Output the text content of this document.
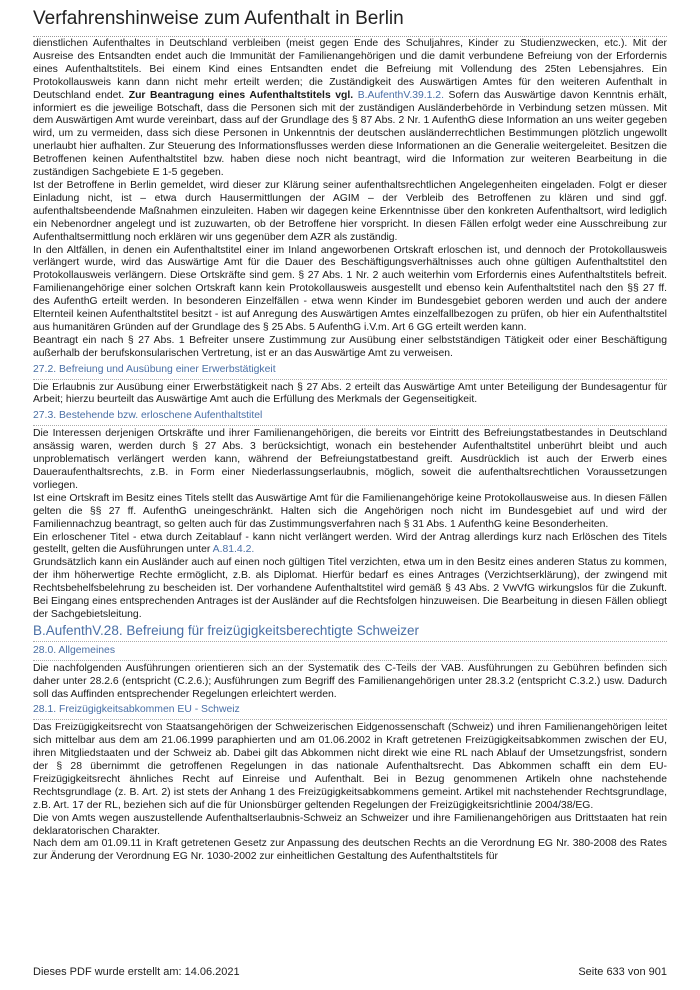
Verfahrenshinweise zum Aufenthalt in Berlin

dienstlichen Aufenthaltes in Deutschland verbleiben (meist gegen Ende des Schuljahres, Kinder zu Studienzwecken, etc.). Mit der Ausreise des Entsandten endet auch die Immunität der Familienangehörigen und die damit verbundene Befreiung von der Erfordernis eines Aufenthaltstitels. Bei einem Kind eines Entsandten endet die Befreiung mit Vollendung des 25ten Lebensjahres. Ein Protokollausweis kann dann nicht mehr erteilt werden; die Zuständigkeit des Auswärtigen Amtes für den weiteren Aufenthalt in Deutschland endet. Zur Beantragung eines Aufenthaltstitels vgl. B.AufenthV.39.1.2. Sofern das Auswärtige davon Kenntnis erhält, informiert es die jeweilige Botschaft, dass die Personen sich mit der zuständigen Ausländerbehörde in Verbindung setzen müssen. Mit dem Auswärtigen Amt wurde vereinbart, dass auf der Grundlage des § 87 Abs. 2 Nr. 1 AufenthG diese Information an uns weiter gegeben wird, um zu vermeiden, dass sich diese Personen in Unkenntnis der deutschen ausländerrechtlichen Bestimmungen plötzlich ungewollt unerlaubt hier aufhalten. Zur Steuerung des Informationsflusses werden diese Informationen an die Generalie weitergeleitet. Besitzen die Betroffenen keinen Aufenthaltstitel bzw. haben diese noch nicht beantragt, wird die Information zur weiteren Bearbeitung in die zuständigen Sachgebiete E 1-5 gegeben.

Ist der Betroffene in Berlin gemeldet, wird dieser zur Klärung seiner aufenthaltsrechtlichen Angelegenheiten eingeladen. Folgt er dieser Einladung nicht, ist – etwa durch Hausermittlungen der AGIM – der Verbleib des Betroffenen zu klären und sind ggf. aufenthaltsbeendende Maßnahmen einzuleiten. Haben wir dagegen keine Erkenntnisse über den konkreten Aufenthaltsort, wird lediglich ein Nebenordner angelegt und ist zuzuwarten, ob der Betroffene hier vorspricht. In diesen Fällen erfolgt weder eine Ausschreibung zur Aufenthaltsermittlung noch erklären wir uns gegenüber dem AZR als zuständig.

In den Altfällen, in denen ein Aufenthaltstitel einer im Inland angeworbenen Ortskraft erloschen ist, und dennoch der Protokollausweis verlängert wurde, wird das Auswärtige Amt für die Dauer des Beschäftigungsverhältnisses auch ohne gültigen Aufenthaltstitel den Protokollausweis verlängern. Diese Ortskräfte sind gem. § 27 Abs. 1 Nr. 2 auch weiterhin vom Erfordernis eines Aufenthaltstitels befreit. Familienangehörige einer solchen Ortskraft kann kein Protokollausweis ausgestellt und ebenso kein Aufenthaltstitel nach den §§ 27 ff. des AufenthG erteilt werden. In besonderen Einzelfällen - etwa wenn Kinder im Bundesgebiet geboren werden und auch der andere Elternteil keinen Aufenthaltstitel besitzt - ist auf Anregung des Auswärtigen Amtes einzelfallbezogen zu prüfen, ob hier ein Aufenthaltstitel aus humanitären Gründen auf der Grundlage des § 25 Abs. 5 AufenthG i.V.m. Art 6 GG erteilt werden kann.

Beantragt ein nach § 27 Abs. 1 Befreiter unsere Zustimmung zur Ausübung einer selbstständigen Tätigkeit oder einer Beschäftigung außerhalb der berufskonsularischen Vertretung, ist er an das Auswärtige Amt zu verweisen.

27.2. Befreiung und Ausübung einer Erwerbstätigkeit

Die Erlaubnis zur Ausübung einer Erwerbstätigkeit nach § 27 Abs. 2 erteilt das Auswärtige Amt unter Beteiligung der Bundesagentur für Arbeit; hierzu beurteilt das Auswärtige Amt auch die Erfüllung des Merkmals der Gegenseitigkeit.

27.3. Bestehende bzw. erloschene Aufenthaltstitel

Die Interessen derjenigen Ortskräfte und ihrer Familienangehörigen, die bereits vor Eintritt des Befreiungstatbestandes in Deutschland ansässig waren, werden durch § 27 Abs. 3 berücksichtigt, wonach ein bestehender Aufenthaltstitel unberührt bleibt und auch unproblematisch verlängert werden kann, während der Befreiungstatbestand greift. Ausdrücklich ist auch der Erwerb eines Daueraufenthaltsrechts, z.B. in Form einer Niederlassungserlaubnis, möglich, soweit die aufenthaltsrechtlichen Voraussetzungen vorliegen.

Ist eine Ortskraft im Besitz eines Titels stellt das Auswärtige Amt für die Familienangehörige keine Protokollausweise aus. In diesen Fällen gelten die §§ 27 ff. AufenthG uneingeschränkt. Halten sich die Angehörigen noch nicht im Bundesgebiet auf und wird der Familiennachzug beantragt, so gelten auch für das Zustimmungsverfahren nach § 31 Abs. 1 AufenthG keine Besonderheiten.

Ein erloschener Titel - etwa durch Zeitablauf - kann nicht verlängert werden. Wird der Antrag allerdings kurz nach Erlöschen des Titels gestellt, gelten die Ausführungen unter A.81.4.2.

Grundsätzlich kann ein Ausländer auch auf einen noch gültigen Titel verzichten, etwa um in den Besitz eines anderen Status zu kommen, der ihm höherwertige Rechte ermöglicht, z.B. als Diplomat. Hierfür bedarf es eines Antrages (Verzichtserklärung), der zwingend mit Rechtsbehelfsbelehrung zu bescheiden ist. Der vorhandene Aufenthaltstitel wird gemäß § 43 Abs. 2 VwVfG wirkungslos für die Zukunft. Bei Eingang eines entsprechenden Antrages ist der Ausländer auf die Rechtsfolgen hinzuweisen. Die Bearbeitung in diesen Fällen obliegt der Sachgebietsleitung.

B.AufenthV.28. Befreiung für freizügigkeitsberechtigte Schweizer
28.0. Allgemeines

Die nachfolgenden Ausführungen orientieren sich an der Systematik des C-Teils der VAB. Ausführungen zu Gebühren befinden sich daher unter 28.2.6 (entspricht (C.2.6.); Ausführungen zum Begriff des Familienangehörigen unter 28.3.2 (entspricht C.3.2.) usw. Dadurch soll das Auffinden entsprechender Regelungen erleichtert werden.

28.1. Freizügigkeitsabkommen EU - Schweiz

Das Freizügigkeitsrecht von Staatsangehörigen der Schweizerischen Eidgenossenschaft (Schweiz) und ihren Familienangehörigen leitet sich mittelbar aus dem am 21.06.1999 paraphierten und am 01.06.2002 in Kraft getretenen Freizügigkeitsabkommen zwischen der EU, ihren Mitgliedstaaten und der Schweiz ab. Dabei gilt das Abkommen nicht direkt wie eine RL nach Ablauf der Umsetzungsfrist, sondern der § 28 übernimmt die getroffenen Regelungen in das nationale Aufenthaltsrecht. Das Abkommen schafft ein dem EU-Freizügigkeitsrecht ähnliches Recht auf Einreise und Aufenthalt. Bei in Bezug genommenen Artikeln ohne nachstehende Rechtsgrundlage (z. B. Art. 2) ist stets der Anhang 1 des Freizügigkeitsabkommens gemeint. Artikel mit nachstehender Rechtsgrundlage, z.B. Art. 17 der RL, beziehen sich auf die für Unionsbürger geltenden Regelungen der Freizügigkeitsrichtlinie 2004/38/EG.

Die von Amts wegen auszustellende Aufenthaltserlaubnis-Schweiz an Schweizer und ihre Familienangehörigen aus Drittstaaten hat rein deklaratorischen Charakter.

Nach dem am 01.09.11 in Kraft getretenen Gesetz zur Anpassung des deutschen Rechts an die Verordnung EG Nr. 380-2008 des Rates zur Änderung der Verordnung EG Nr. 1030-2002 zur einheitlichen Gestaltung des Aufenthaltstitels für

Dieses PDF wurde erstellt am: 14.06.2021	Seite 633 von 901
